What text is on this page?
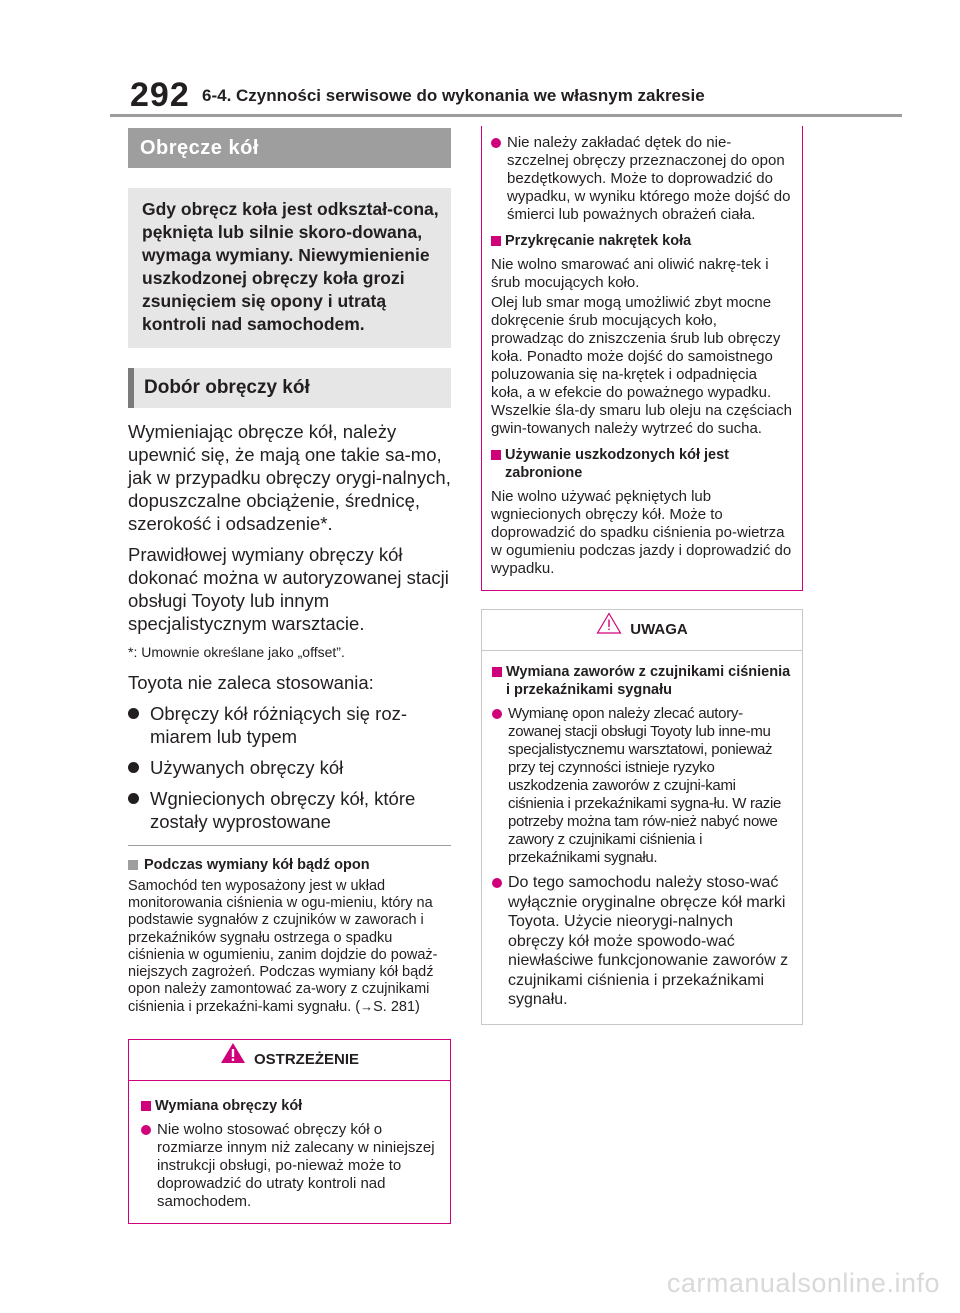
292 6-4. Czynności serwisowe do wykonania we własnym zakresie
Obręcze kół
Gdy obręcz koła jest odkształ-cona, pęknięta lub silnie skoro-dowana, wymaga wymiany. Niewymienienie uszkodzonej obręczy koła grozi zsunięciem się opony i utratą kontroli nad samochodem.
Dobór obręczy kół

Wymieniając obręcze kół, należy upewnić się, że mają one takie sa-mo, jak w przypadku obręczy orygi-nalnych, dopuszczalne obciążenie, średnicę, szerokość i odsadzenie*.

Prawidłowej wymiany obręczy kół dokonać można w autoryzowanej stacji obsługi Toyoty lub innym specjalistycznym warsztacie.

*: Umownie określane jako „offset”.

Toyota nie zaleca stosowania:

Obręczy kół różniących się roz-miarem lub typem
Używanych obręczy kół
Wgniecionych obręczy kół, które zostały wyprostowane
Podczas wymiany kół bądź opon

Samochód ten wyposażony jest w układ monitorowania ciśnienia w ogu-mieniu, który na podstawie sygnałów z czujników w zaworach i przekaźników sygnału ostrzega o spadku ciśnienia w ogumieniu, zanim dojdzie do poważ-niejszych zagrożeń. Podczas wymiany kół bądź opon należy zamontować za-wory z czujnikami ciśnienia i przekaźni-kami sygnału. (→S. 281)

OSTRZEŻENIE
Wymiana obręczy kół
Nie wolno stosować obręczy kół o rozmiarze innym niż zalecany w niniejszej instrukcji obsługi, po-nieważ może to doprowadzić do utraty kontroli nad samochodem.
Nie należy zakładać dętek do nie-szczelnej obręczy przeznaczonej do opon bezdętkowych. Może to doprowadzić do wypadku, w wyniku którego może dojść do śmierci lub poważnych obrażeń ciała.
Przykręcanie nakrętek koła
Nie wolno smarować ani oliwić nakrę-tek i śrub mocujących koło.
Olej lub smar mogą umożliwić zbyt mocne dokręcenie śrub mocujących koło, prowadząc do zniszczenia śrub lub obręczy koła. Ponadto może dojść do samoistnego poluzowania się na-krętek i odpadnięcia koła, a w efekcie do poważnego wypadku. Wszelkie śla-dy smaru lub oleju na częściach gwin-towanych należy wytrzeć do sucha.
Używanie uszkodzonych kół jest zabronione
Nie wolno używać pękniętych lub wgniecionych obręczy kół. Może to doprowadzić do spadku ciśnienia po-wietrza w ogumieniu podczas jazdy i doprowadzić do wypadku.
UWAGA
Wymiana zaworów z czujnikami ciśnienia i przekaźnikami sygnału
Wymianę opon należy zlecać autory-zowanej stacji obsługi Toyoty lub inne-mu specjalistycznemu warsztatowi, ponieważ przy tej czynności istnieje ryzyko uszkodzenia zaworów z czujni-kami ciśnienia i przekaźnikami sygna-łu. W razie potrzeby można tam rów-nież nabyć nowe zawory z czujnikami ciśnienia i przekaźnikami sygnału.
Do tego samochodu należy stoso-wać wyłącznie oryginalne obręcze kół marki Toyota. Użycie nieorygi-nalnych obręczy kół może spowodo-wać niewłaściwe funkcjonowanie zaworów z czujnikami ciśnienia i przekaźnikami sygnału.
carmanualsonline.info
